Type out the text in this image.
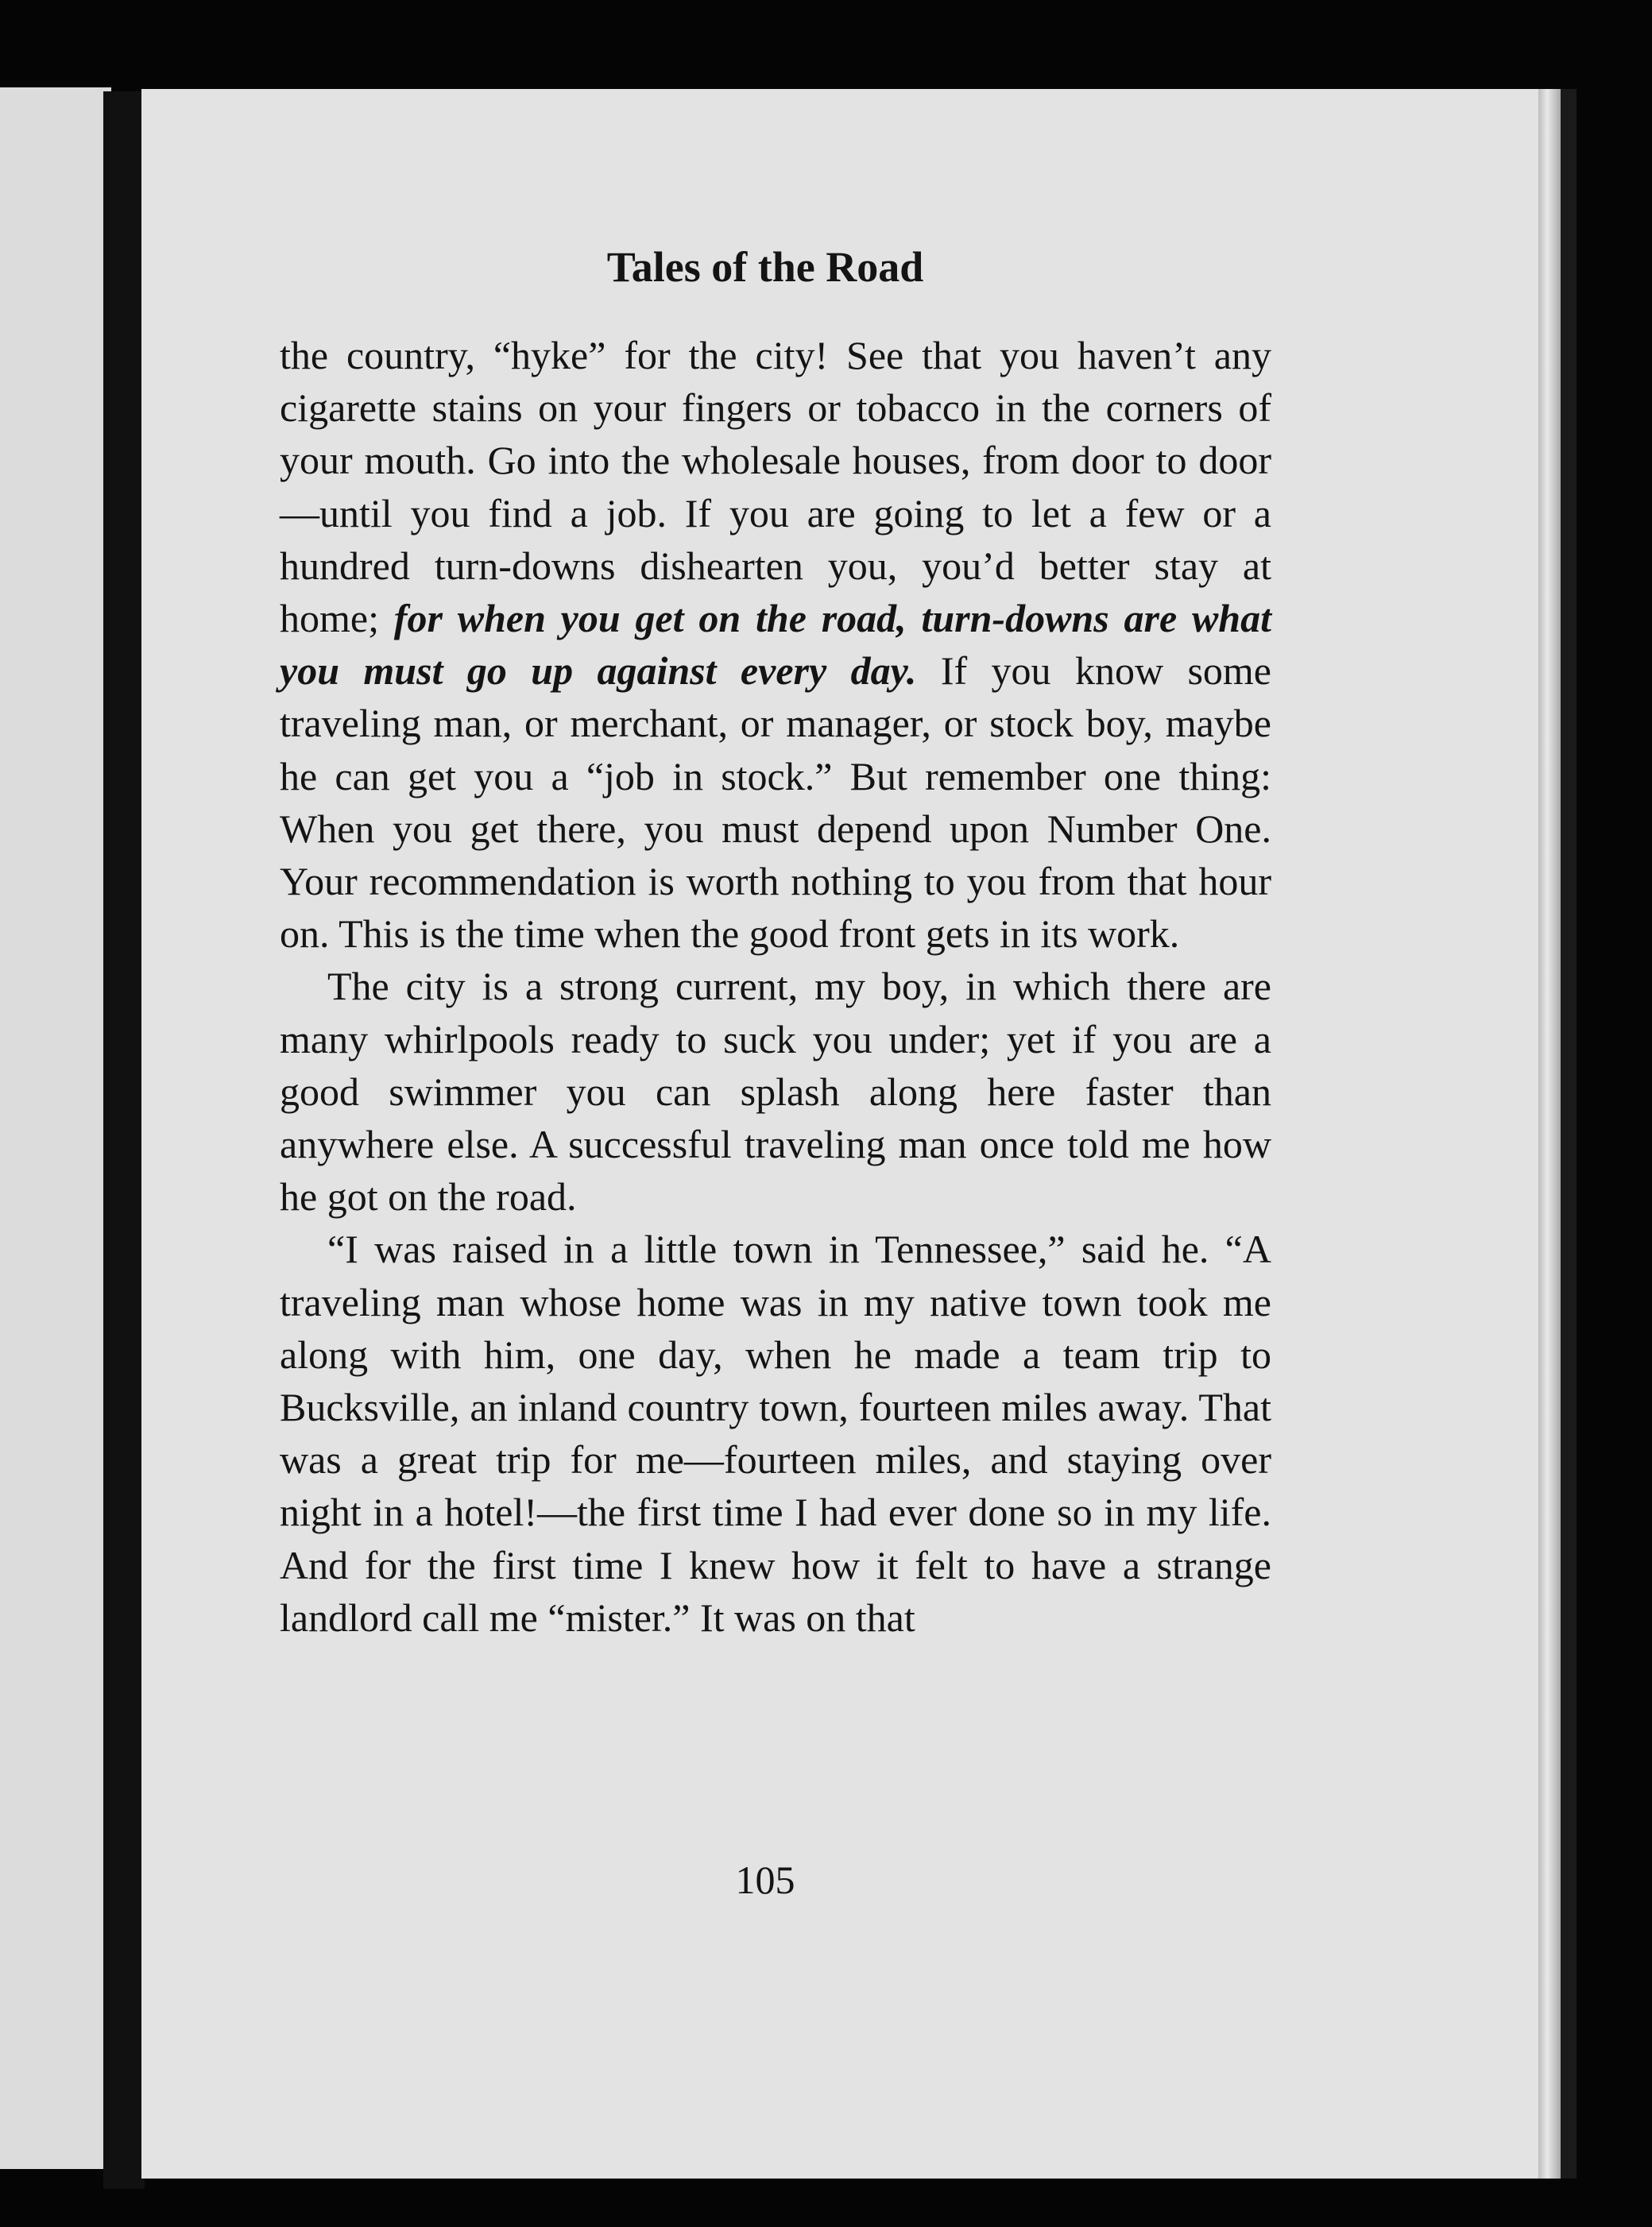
Tales of the Road

the country, “hyke” for the city! See that you haven’t any cigarette stains on your fingers or tobacco in the corners of your mouth. Go into the wholesale houses, from door to door—until you find a job. If you are going to let a few or a hundred turn-downs dishearten you, you’d better stay at home; for when you get on the road, turn-downs are what you must go up against every day. If you know some traveling man, or merchant, or manager, or stock boy, maybe he can get you a “job in stock.” But remember one thing: When you get there, you must depend upon Number One. Your recommendation is worth nothing to you from that hour on. This is the time when the good front gets in its work.

The city is a strong current, my boy, in which there are many whirlpools ready to suck you under; yet if you are a good swimmer you can splash along here faster than anywhere else. A successful traveling man once told me how he got on the road.

“I was raised in a little town in Tennessee,” said he. “A traveling man whose home was in my native town took me along with him, one day, when he made a team trip to Bucksville, an inland country town, fourteen miles away. That was a great trip for me—fourteen miles, and staying over night in a hotel!—the first time I had ever done so in my life. And for the first time I knew how it felt to have a strange landlord call me “mister.” It was on that

105
